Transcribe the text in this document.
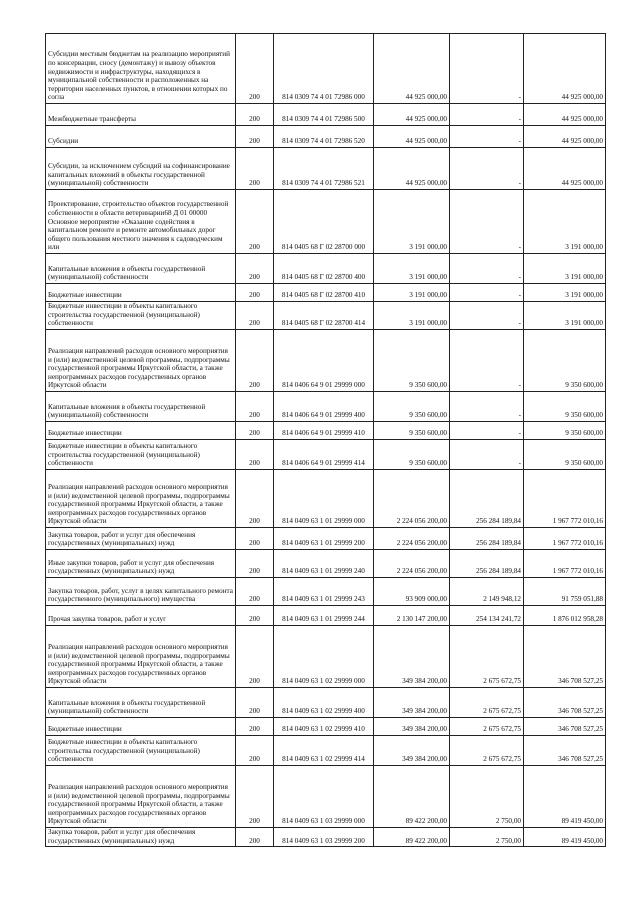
Субсидии местным бюджетам на реализацию мероприятий по консервации, сносу (демонтажу) и вывозу объектов недвижимости и инфраструктуры, находящихся в муниципальной собственности и расположенных на территории населенных пунктов, в отношении которых по согла	200	814 0309 74 4 01 72986 000	44 925 000,00	-	44 925 000,00
Межбюджетные трансферты	200	814 0309 74 4 01 72986 500	44 925 000,00	-	44 925 000,00
Субсидии	200	814 0309 74 4 01 72986 520	44 925 000,00	-	44 925 000,00
Субсидии, за исключением субсидий на софинансирование капитальных вложений в объекты государственной (муниципальной) собственности	200	814 0309 74 4 01 72986 521	44 925 000,00	-	44 925 000,00
Проектирование, строительство объектов государственной собственности в области ветеринарии68 Д 01 00000 Основное мероприятие «Оказание содействия в капитальном ремонте и ремонте автомобильных дорог общего пользования местного значения к садоводческим или	200	814 0405 68 Г 02 28700 000	3 191 000,00	-	3 191 000,00
Капитальные вложения в объекты государственной (муниципальной) собственности	200	814 0405 68 Г 02 28700 400	3 191 000,00	-	3 191 000,00
Бюджетные инвестиции	200	814 0405 68 Г 02 28700 410	3 191 000,00	-	3 191 000,00
Бюджетные инвестиции в объекты капитального строительства государственной (муниципальной) собственности	200	814 0405 68 Г 02 28700 414	3 191 000,00	-	3 191 000,00
Реализация направлений расходов основного мероприятия и (или) ведомственной целевой программы, подпрограммы государственной программы Иркутской области, а также непрограммных расходов государственных органов Иркутской области	200	814 0406 64 9 01 29999 000	9 350 600,00	-	9 350 600,00
Капитальные вложения в объекты государственной (муниципальной) собственности	200	814 0406 64 9 01 29999 400	9 350 600,00	-	9 350 600,00
Бюджетные инвестиции	200	814 0406 64 9 01 29999 410	9 350 600,00	-	9 350 600,00
Бюджетные инвестиции в объекты капитального строительства государственной (муниципальной) собственности	200	814 0406 64 9 01 29999 414	9 350 600,00	-	9 350 600,00
Реализация направлений расходов основного мероприятия и (или) ведомственной целевой программы, подпрограммы государственной программы Иркутской области, а также непрограммных расходов государственных органов Иркутской области	200	814 0409 63 1 01 29999 000	2 224 056 200,00	256 284 189,84	1 967 772 010,16
Закупка товаров, работ и услуг для обеспечения государственных (муниципальных) нужд	200	814 0409 63 1 01 29999 200	2 224 056 200,00	256 284 189,84	1 967 772 010,16
Иные закупки товаров, работ и услуг для обеспечения государственных (муниципальных) нужд	200	814 0409 63 1 01 29999 240	2 224 056 200,00	256 284 189,84	1 967 772 010,16
Закупка товаров, работ, услуг в целях капитального ремонта государственного (муниципального) имущества	200	814 0409 63 1 01 29999 243	93 909 000,00	2 149 948,12	91 759 051,88
Прочая закупка товаров, работ и услуг	200	814 0409 63 1 01 29999 244	2 130 147 200,00	254 134 241,72	1 876 012 958,28
Реализация направлений расходов основного мероприятия и (или) ведомственной целевой программы, подпрограммы государственной программы Иркутской области, а также непрограммных расходов государственных органов Иркутской области	200	814 0409 63 1 02 29999 000	349 384 200,00	2 675 672,75	346 708 527,25
Капитальные вложения в объекты государственной (муниципальной) собственности	200	814 0409 63 1 02 29999 400	349 384 200,00	2 675 672,75	346 708 527,25
Бюджетные инвестиции	200	814 0409 63 1 02 29999 410	349 384 200,00	2 675 672,75	346 708 527,25
Бюджетные инвестиции в объекты капитального строительства государственной (муниципальной) собственности	200	814 0409 63 1 02 29999 414	349 384 200,00	2 675 672,75	346 708 527,25
Реализация направлений расходов основного мероприятия и (или) ведомственной целевой программы, подпрограммы государственной программы Иркутской области, а также непрограммных расходов государственных органов Иркутской области	200	814 0409 63 1 03 29999 000	89 422 200,00	2 750,00	89 419 450,00
Закупка товаров, работ и услуг для обеспечения государственных (муниципальных) нужд	200	814 0409 63 1 03 29999 200	89 422 200,00	2 750,00	89 419 450,00
